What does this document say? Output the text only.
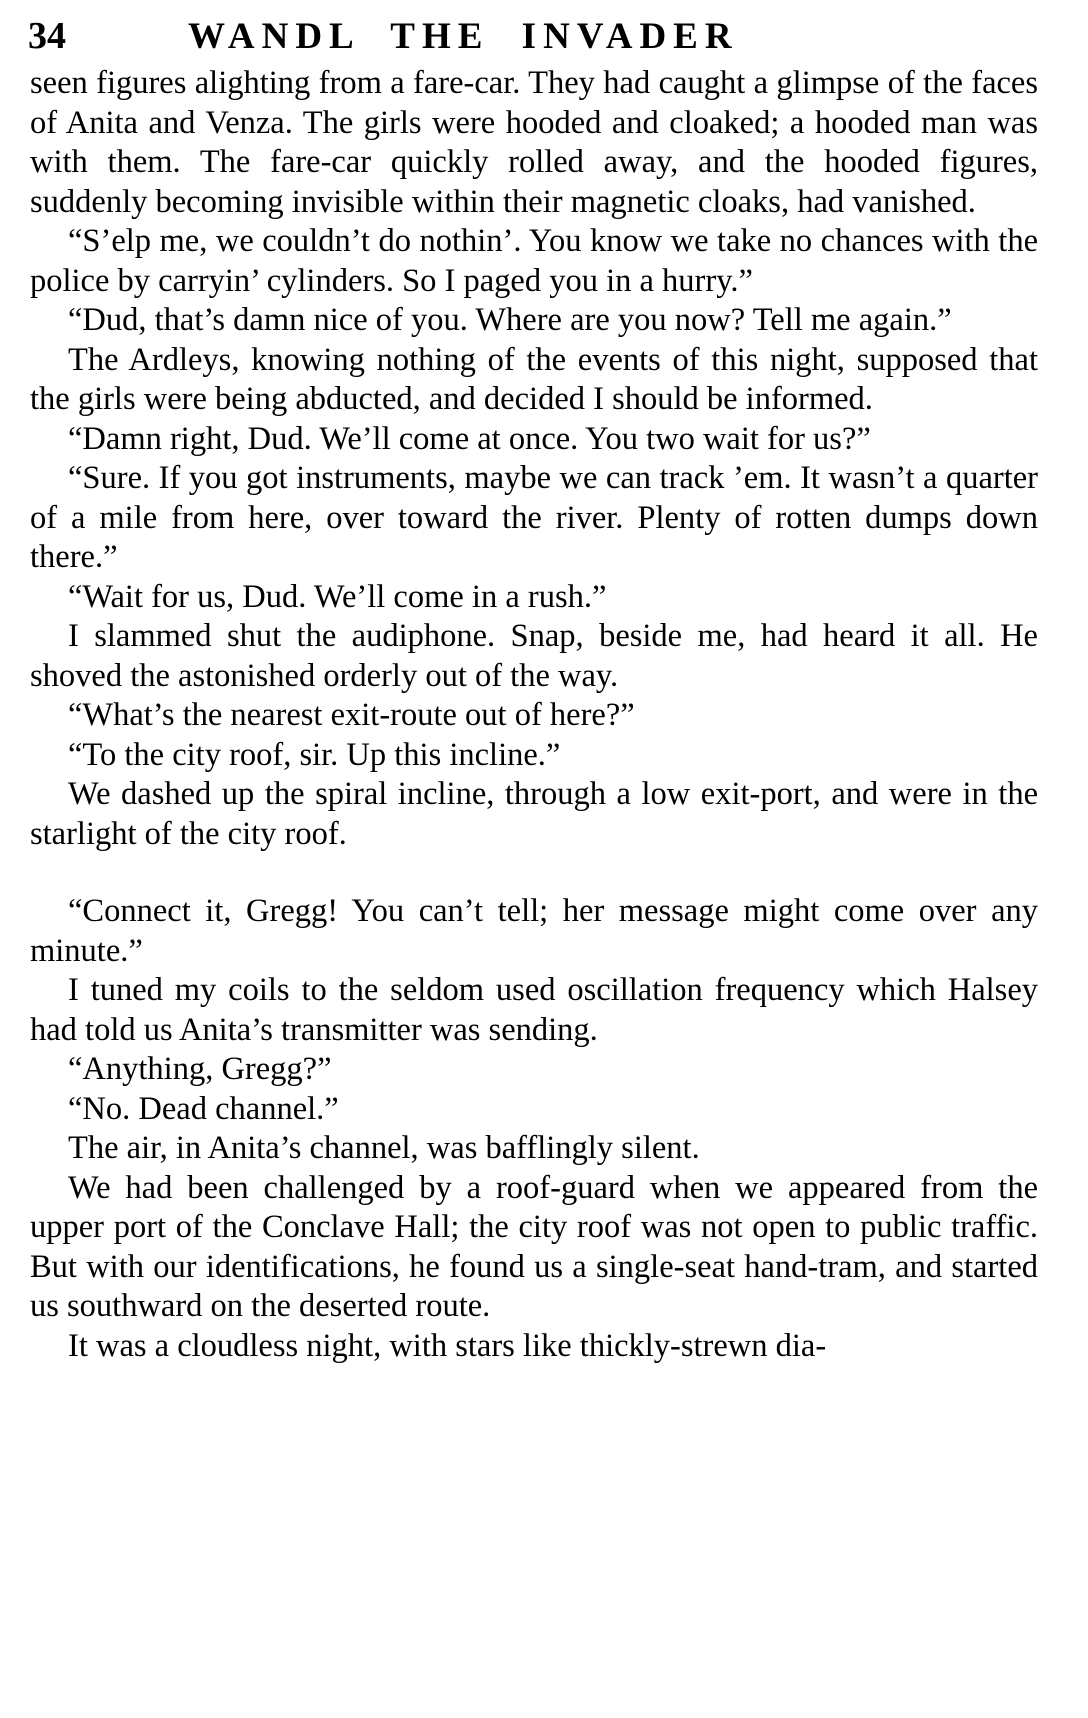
34	WANDL THE INVADER

seen figures alighting from a fare-car. They had caught a glimpse of the faces of Anita and Venza. The girls were hooded and cloaked; a hooded man was with them. The fare-car quickly rolled away, and the hooded figures, suddenly becoming invisible within their magnetic cloaks, had vanished.

“S’elp me, we couldn’t do nothin’. You know we take no chances with the police by carryin’ cylinders. So I paged you in a hurry.”

“Dud, that’s damn nice of you. Where are you now? Tell me again.”

The Ardleys, knowing nothing of the events of this night, supposed that the girls were being abducted, and decided I should be informed.

“Damn right, Dud. We’ll come at once. You two wait for us?”

“Sure. If you got instruments, maybe we can track ’em. It wasn’t a quarter of a mile from here, over toward the river. Plenty of rotten dumps down there.”

“Wait for us, Dud. We’ll come in a rush.”

I slammed shut the audiphone. Snap, beside me, had heard it all. He shoved the astonished orderly out of the way.

“What’s the nearest exit-route out of here?”

“To the city roof, sir. Up this incline.”

We dashed up the spiral incline, through a low exit-port, and were in the starlight of the city roof.

“Connect it, Gregg! You can’t tell; her message might come over any minute.”

I tuned my coils to the seldom used oscillation frequency which Halsey had told us Anita’s transmitter was sending.

“Anything, Gregg?”

“No. Dead channel.”

The air, in Anita’s channel, was bafflingly silent.

We had been challenged by a roof-guard when we appeared from the upper port of the Conclave Hall; the city roof was not open to public traffic. But with our identifications, he found us a single-seat hand-tram, and started us southward on the deserted route.

It was a cloudless night, with stars like thickly-strewn dia-
